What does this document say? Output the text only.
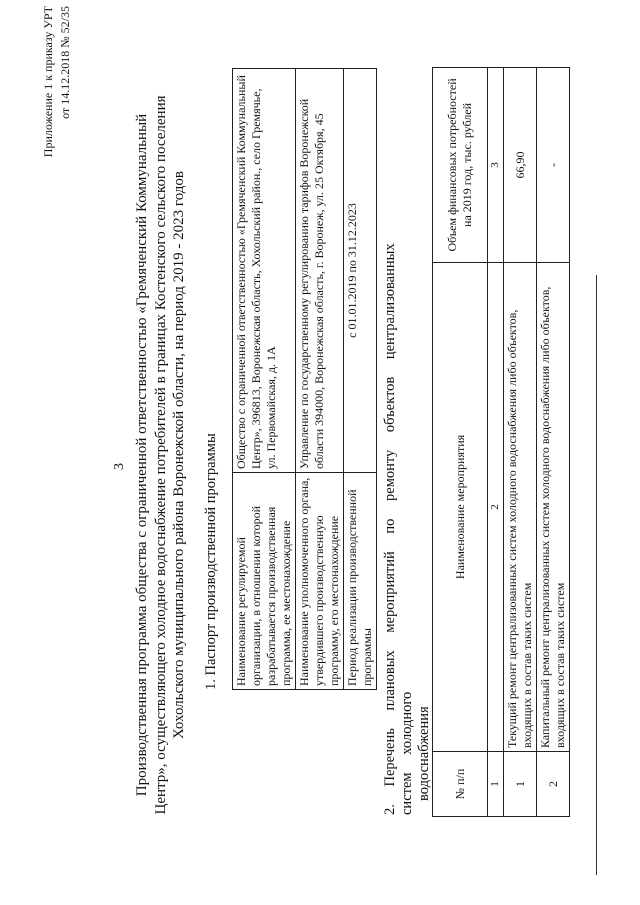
3
Приложение 1 к приказу УРТ от 14.12.2018 № 52/35
Производственная программа общества с ограниченной ответственностью «Гремяченский Коммунальный Центр», осуществляющего холодное водоснабжение потребителей в границах Костенского сельского поселения Хохольского муниципального района Воронежской области, на период 2019 - 2023 годов 1. Паспорт производственной программы Наименование регулируемой организации, в отношении которой разрабатывается производственная программа, ее местонахождение	Общество с ограниченной ответственностью «Гремяченский Коммунальный Центр», 396813, Воронежская область, Хохольский район., село Гремячье, ул. Первомайская, д. 1А
Наименование уполномоченного органа, утвердившего производственную программу, его местонахождение	Управление по государственному регулированию тарифов Воронежской области 394000, Воронежская область, г. Воронеж, ул. 25 Октября, 45
Период реализации производственной программы	с 01.01.2019 по 31.12.2023 2. Перечень плановых мероприятий по ремонту объектов централизованных систем холодного водоснабжения № п/п	Наименование мероприятия	Объем финансовых потребностей на 2019 год, тыс. рублей
1	2	3
1	Текущий ремонт централизованных систем холодного водоснабжения либо объектов, входящих в состав таких систем	66,90
2	Капитальный ремонт централизованных систем холодного водоснабжения либо объектов, входящих в состав таких систем	-
